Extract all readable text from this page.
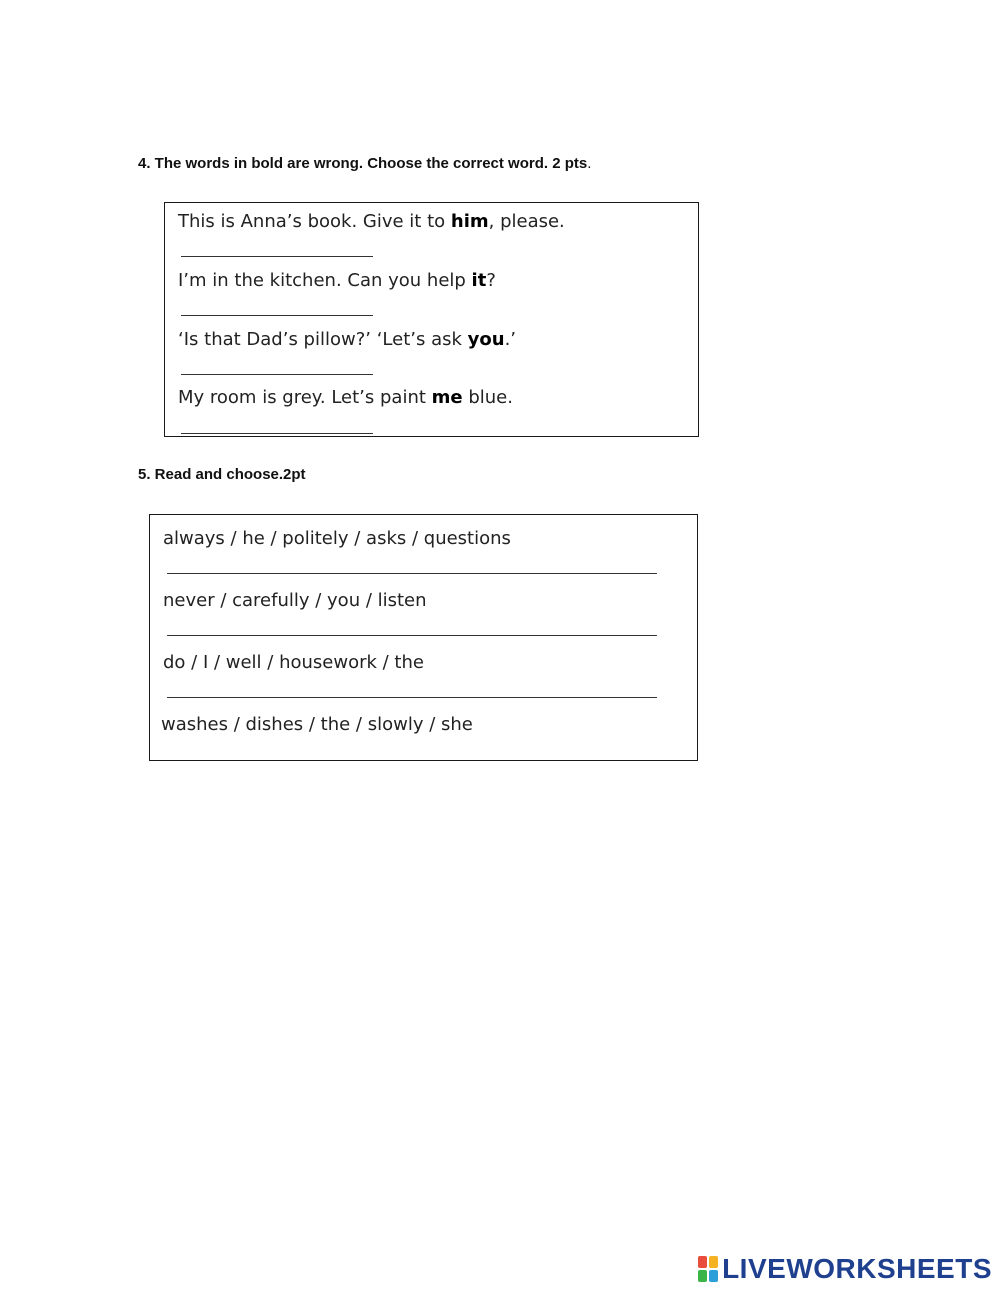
4. The words in bold are wrong. Choose the correct word. 2 pts.

This is Anna’s book. Give it to him, please.
I’m in the kitchen. Can you help it?
‘Is that Dad’s pillow?’ ‘Let’s ask you.’
My room is grey. Let’s paint me blue.

5. Read and choose.2pt

always / he / politely / asks / questions
never / carefully / you / listen
do / I / well / housework / the
washes / dishes / the / slowly / she
LIVEWORKSHEETS
